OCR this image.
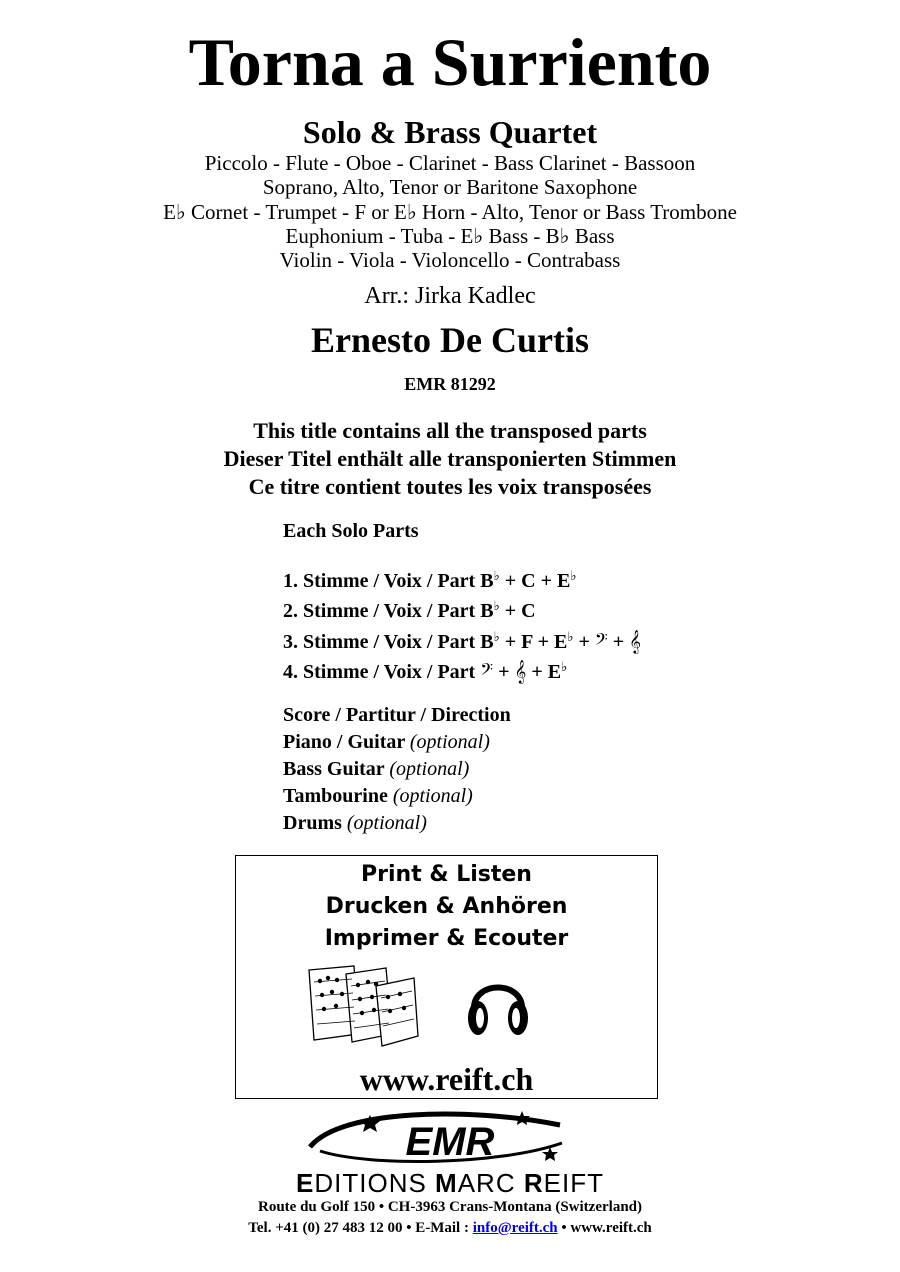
Torna a Surriento
Solo & Brass Quartet
Piccolo - Flute - Oboe - Clarinet - Bass Clarinet - Bassoon
Soprano, Alto, Tenor or Baritone Saxophone
E♭ Cornet - Trumpet - F or E♭ Horn - Alto, Tenor or Bass Trombone
Euphonium - Tuba - E♭ Bass - B♭ Bass
Violin - Viola - Violoncello - Contrabass
Arr.: Jirka Kadlec
Ernesto De Curtis
EMR 81292
This title contains all the transposed parts
Dieser Titel enthält alle transponierten Stimmen
Ce titre contient toutes les voix transposées
Each Solo Parts
1. Stimme / Voix / Part B♭ + C + E♭
2. Stimme / Voix / Part B♭ + C
3. Stimme / Voix / Part B♭ + F + E♭ + 𝄢 + 𝄞
4. Stimme / Voix / Part 𝄢 + 𝄞 + E♭
Score / Partitur / Direction
Piano / Guitar (optional)
Bass Guitar (optional)
Tambourine (optional)
Drums (optional)
Print & Listen
Drucken & Anhören
Imprimer & Ecouter
www.reift.ch
EMR
EDITIONS MARC REIFT
Route du Golf 150 • CH-3963 Crans-Montana (Switzerland)
Tel. +41 (0) 27 483 12 00 • E-Mail : info@reift.ch • www.reift.ch
